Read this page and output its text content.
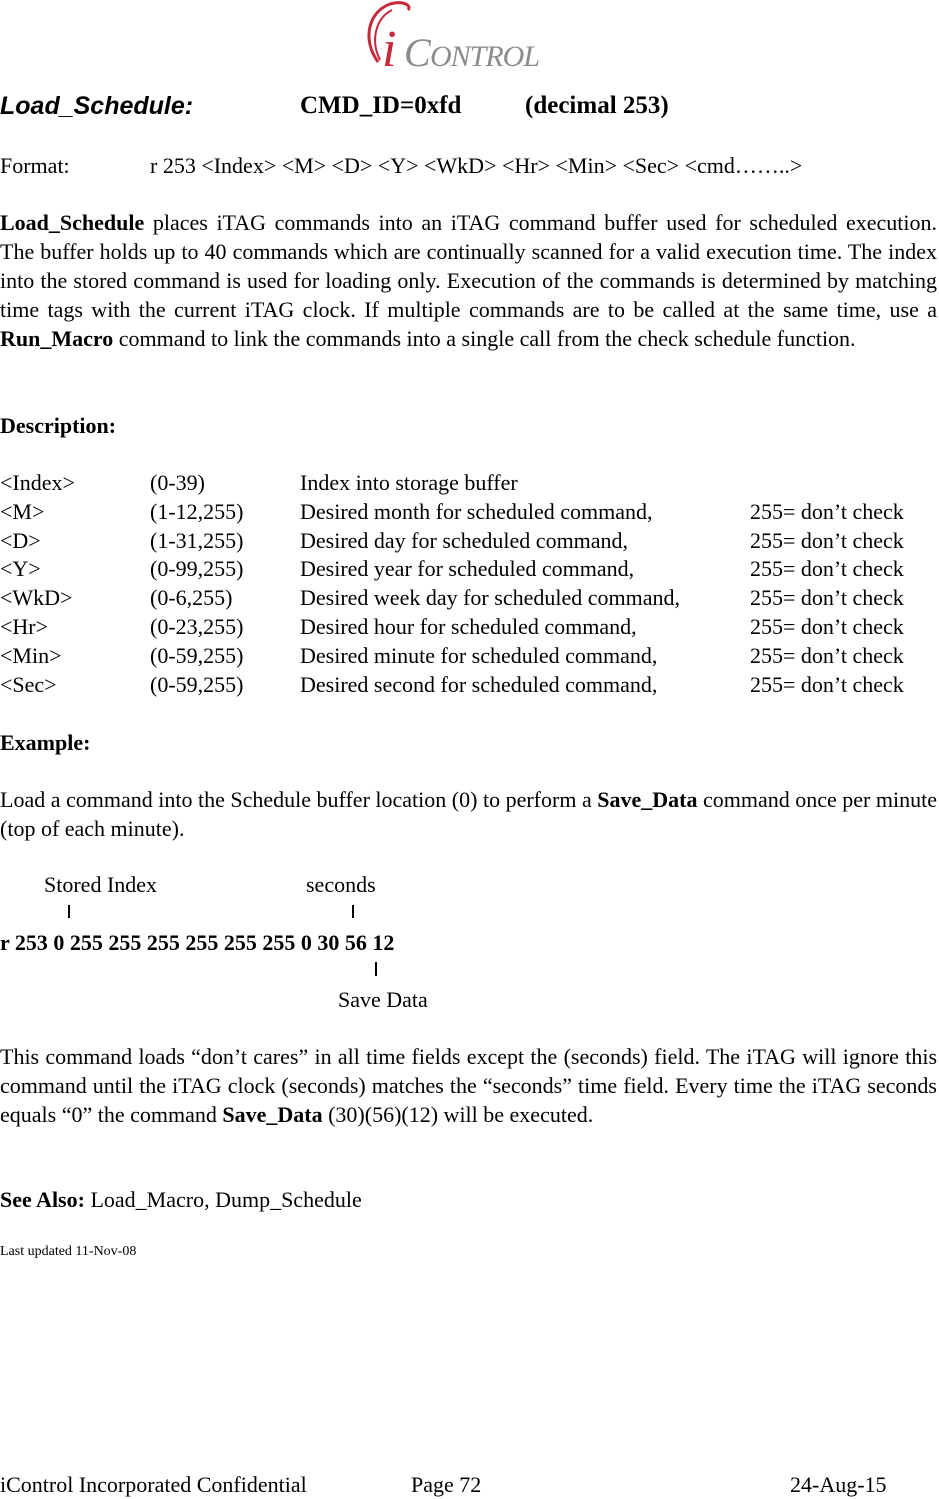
i C ONTROL
Load_Schedule:	CMD_ID=0xfd	(decimal 253)
Format:	r 253 <Index> <M> <D> <Y> <WkD> <Hr> <Min> <Sec> <cmd……..>
Load_Schedule places iTAG commands into an iTAG command buffer used for scheduled execution. The buffer holds up to 40 commands which are continually scanned for a valid execution time. The index into the stored command is used for loading only. Execution of the commands is determined by matching time tags with the current iTAG clock. If multiple commands are to be called at the same time, use a Run_Macro command to link the commands into a single call from the check schedule function.
Description:
<Index>	(0-39)	Index into storage buffer
<M>	(1-12,255)	Desired month for scheduled command,	255= don’t check
<D>	(1-31,255)	Desired day for scheduled command,	255= don’t check
<Y>	(0-99,255)	Desired year for scheduled command,	255= don’t check
<WkD>	(0-6,255)	Desired week day for scheduled command,	255= don’t check
<Hr>	(0-23,255)	Desired hour for scheduled command,	255= don’t check
<Min>	(0-59,255)	Desired minute for scheduled command,	255= don’t check
<Sec>	(0-59,255)	Desired second for scheduled command,	255= don’t check
Example:
Load a command into the Schedule buffer location (0) to perform a Save_Data command once per minute (top of each minute).
Stored Index	seconds
r 253 0 255 255 255 255 255 255 0 30 56 12
Save Data
This command loads “don’t cares” in all time fields except the (seconds) field. The iTAG will ignore this command until the iTAG clock (seconds) matches the “seconds” time field. Every time the iTAG seconds equals “0” the command Save_Data (30)(56)(12) will be executed.
See Also: Load_Macro, Dump_Schedule
Last updated 11-Nov-08
iControl Incorporated Confidential	Page 72	24-Aug-15
